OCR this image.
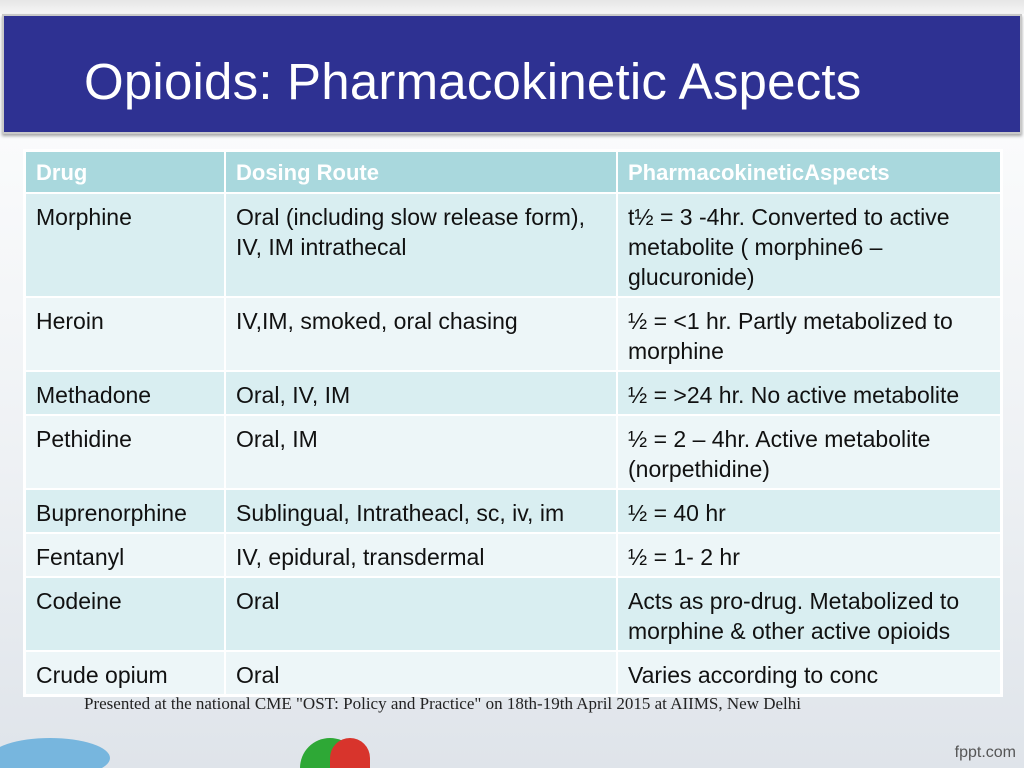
Opioids: Pharmacokinetic Aspects
Drug	Dosing Route	PharmacokineticAspects
Morphine	Oral (including slow release form), IV, IM intrathecal	t½ = 3 -4hr. Converted to active metabolite ( morphine6 – glucuronide)
Heroin	IV,IM, smoked, oral chasing	½ = <1 hr. Partly metabolized to morphine
Methadone	Oral, IV, IM	½ = >24 hr. No active metabolite
Pethidine	Oral, IM	½ = 2 – 4hr. Active metabolite (norpethidine)
Buprenorphine	Sublingual, Intratheacl, sc, iv, im	½ = 40 hr
Fentanyl	IV, epidural, transdermal	½ = 1- 2 hr
Codeine	Oral	Acts as pro-drug. Metabolized to morphine & other active opioids
Crude opium	Oral	Varies according to conc

Presented at the national CME "OST: Policy and Practice" on 18th-19th April 2015 at AIIMS, New Delhi

fppt.com
